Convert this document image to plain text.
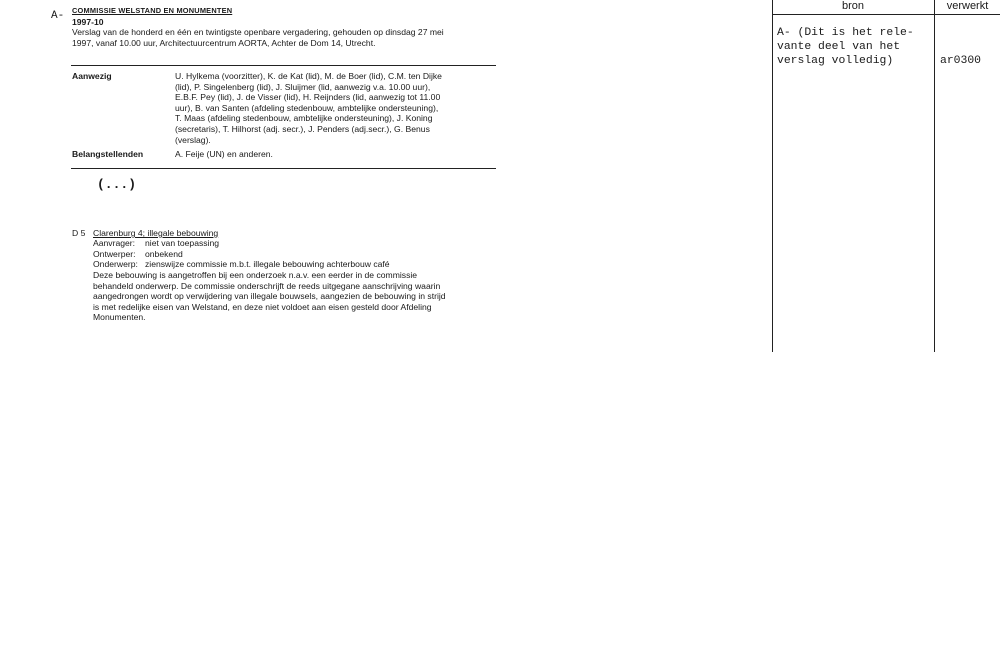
A- COMMISSIE WELSTAND EN MONUMENTEN
1997-10
Verslag van de honderd en één en twintigste openbare vergadering, gehouden op dinsdag 27 mei
1997, vanaf 10.00 uur, Architectuurcentrum AORTA, Achter de Dom 14, Utrecht.
Aanwezig	U. Hylkema (voorzitter), K. de Kat (lid), M. de Boer (lid), C.M. ten Dijke
(lid), P. Singelenberg (lid), J. Sluijmer (lid, aanwezig v.a. 10.00 uur),
E.B.F. Pey (lid), J. de Visser (lid), H. Reijnders (lid, aanwezig tot 11.00
uur), B. van Santen (afdeling stedenbouw, ambtelijke ondersteuning),
T. Maas (afdeling stedenbouw, ambtelijke ondersteuning), J. Koning
(secretaris), T. Hilhorst (adj. secr.), J. Penders (adj.secr.), G. Benus
(verslag).
Belangstellenden	A. Feije (UN) en anderen.
(...)
D 5 Clarenburg 4; illegale bebouwing
Aanvrager:	niet van toepassing
Ontwerper:	onbekend
Onderwerp: zienswijze commissie m.b.t. illegale bebouwing achterbouw café
Deze bebouwing is aangetroffen bij een onderzoek n.a.v. een eerder in de commissie
behandeld onderwerp. De commissie onderschrijft de reeds uitgegane aanschrijving waarin
aangedrongen wordt op verwijdering van illegale bouwsels, aangezien de bebouwing in strijd
is met redelijke eisen van Welstand, en deze niet voldoet aan eisen gesteld door Afdeling
Monumenten.
bron	verwerkt
A- (Dit is het rele-
vante deel van het
verslag volledig)	ar0300
